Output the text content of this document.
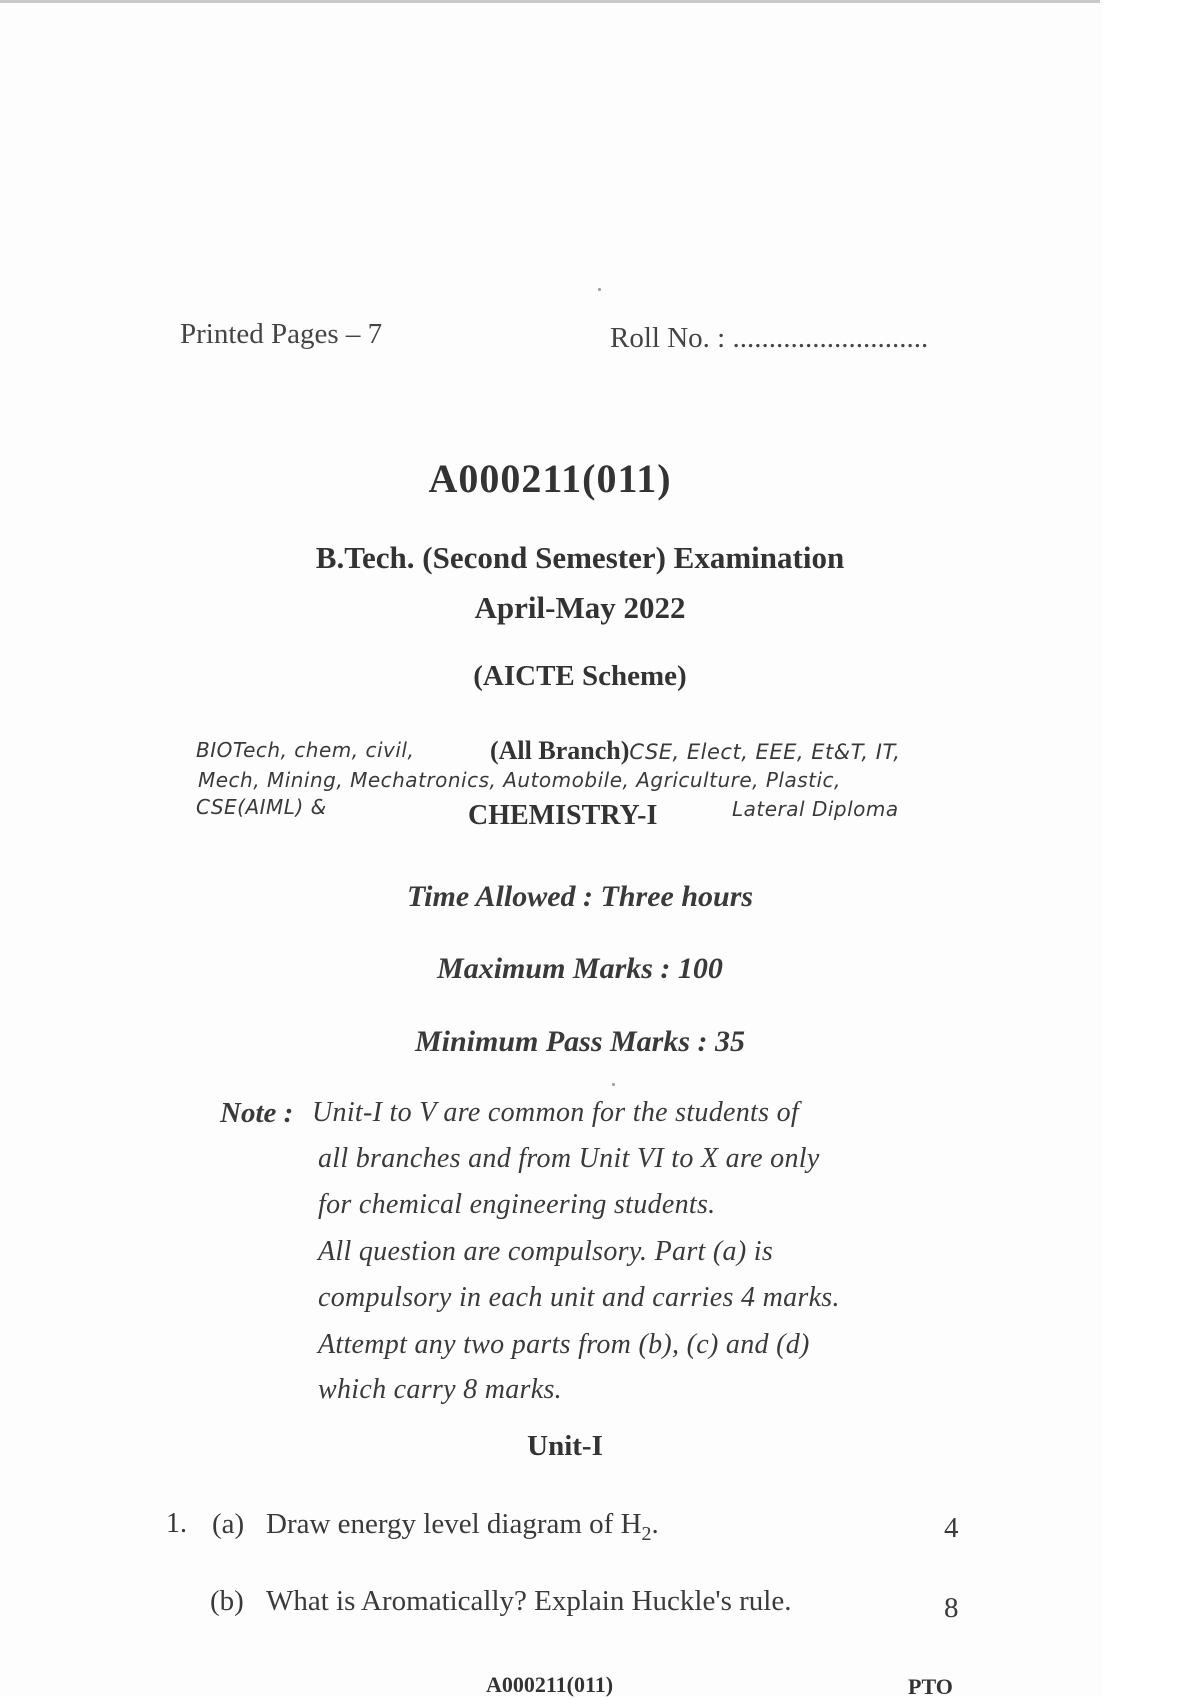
Printed Pages – 7	Roll No. : ...........................
A000211(011)
B.Tech. (Second Semester) Examination
April-May 2022
(AICTE Scheme)
BIOTech, chem, civil,	(All Branch)CSE, Elect, EEE, Et&T, IT,
Mech, Mining, Mechatronics, Automobile, Agriculture, Plastic,
CSE(AIML) &	CHEMISTRY-I	Lateral Diploma
Time Allowed : Three hours
Maximum Marks : 100
Minimum Pass Marks : 35
Note : Unit-I to V are common for the students of
all branches and from Unit VI to X are only
for chemical engineering students.
All question are compulsory. Part (a) is
compulsory in each unit and carries 4 marks.
Attempt any two parts from (b), (c) and (d)
which carry 8 marks.
Unit-I
1. (a) Draw energy level diagram of $H_2$.	4
(b) What is Aromatically? Explain Huckle's rule.	8
A000211(011)	PTO
